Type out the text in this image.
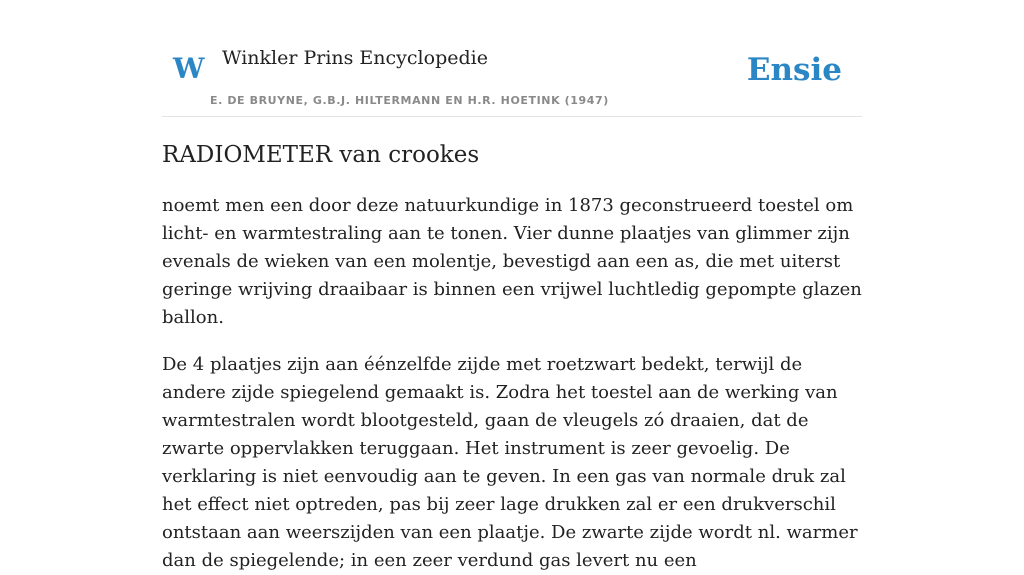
W Winkler Prins Encyclopedie
E. DE BRUYNE, G.B.J. HILTERMANN EN H.R. HOETINK (1947)
Ensie
RADIOMETER van crookes

noemt men een door deze natuurkundige in 1873 geconstrueerd toestel om licht- en warmtestraling aan te tonen. Vier dunne plaatjes van glimmer zijn evenals de wieken van een molentje, bevestigd aan een as, die met uiterst geringe wrijving draaibaar is binnen een vrijwel luchtledig gepompte glazen ballon.

De 4 plaatjes zijn aan éénzelfde zijde met roetzwart bedekt, terwijl de andere zijde spiegelend gemaakt is. Zodra het toestel aan de werking van warmtestralen wordt blootgesteld, gaan de vleugels zó draaien, dat de zwarte oppervlakken teruggaan. Het instrument is zeer gevoelig. De verklaring is niet eenvoudig aan te geven. In een gas van normale druk zal het effect niet optreden, pas bij zeer lage drukken zal er een drukverschil ontstaan aan weerszijden van een plaatje. De zwarte zijde wordt nl. warmer dan de spiegelende; in een zeer verdund gas levert nu een
